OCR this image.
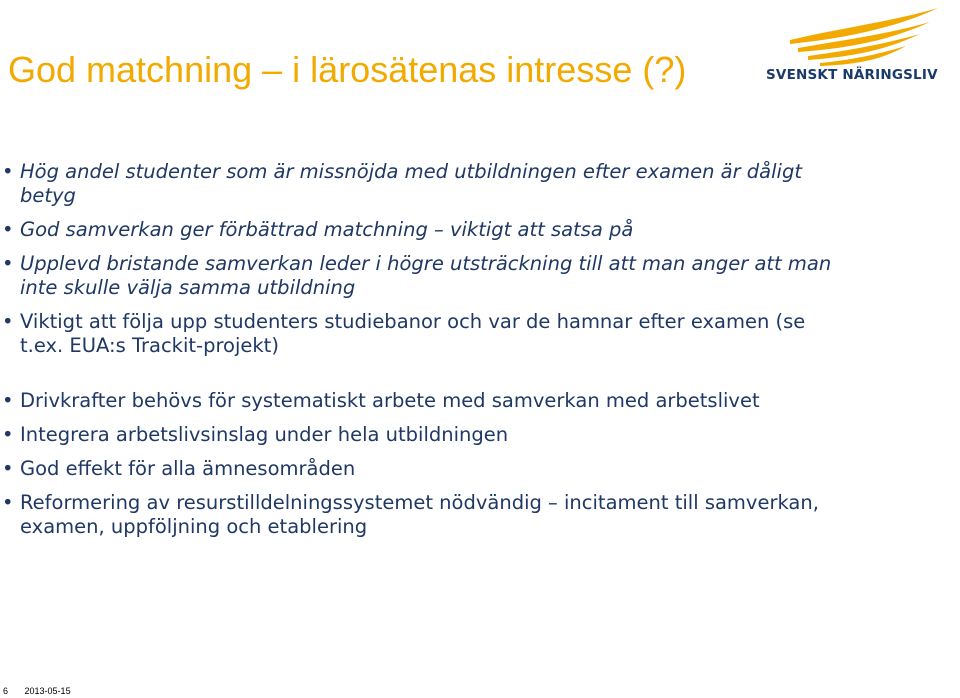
God matchning – i lärosätenas intresse (?)	SVENSKT NÄRINGSLIV
• Hög andel studenter som är missnöjda med utbildningen efter examen är dåligt betyg
• God samverkan ger förbättrad matchning – viktigt att satsa på
• Upplevd bristande samverkan leder i högre utsträckning till att man anger att man inte skulle välja samma utbildning
• Viktigt att följa upp studenters studiebanor och var de hamnar efter examen (se t.ex. EUA:s Trackit-projekt)
• Drivkrafter behövs för systematiskt arbete med samverkan med arbetslivet
• Integrera arbetslivsinslag under hela utbildningen
• God effekt för alla ämnesområden
• Reformering av resurstilldelningssystemet nödvändig – incitament till samverkan, examen, uppföljning och etablering
6 2013-05-15
